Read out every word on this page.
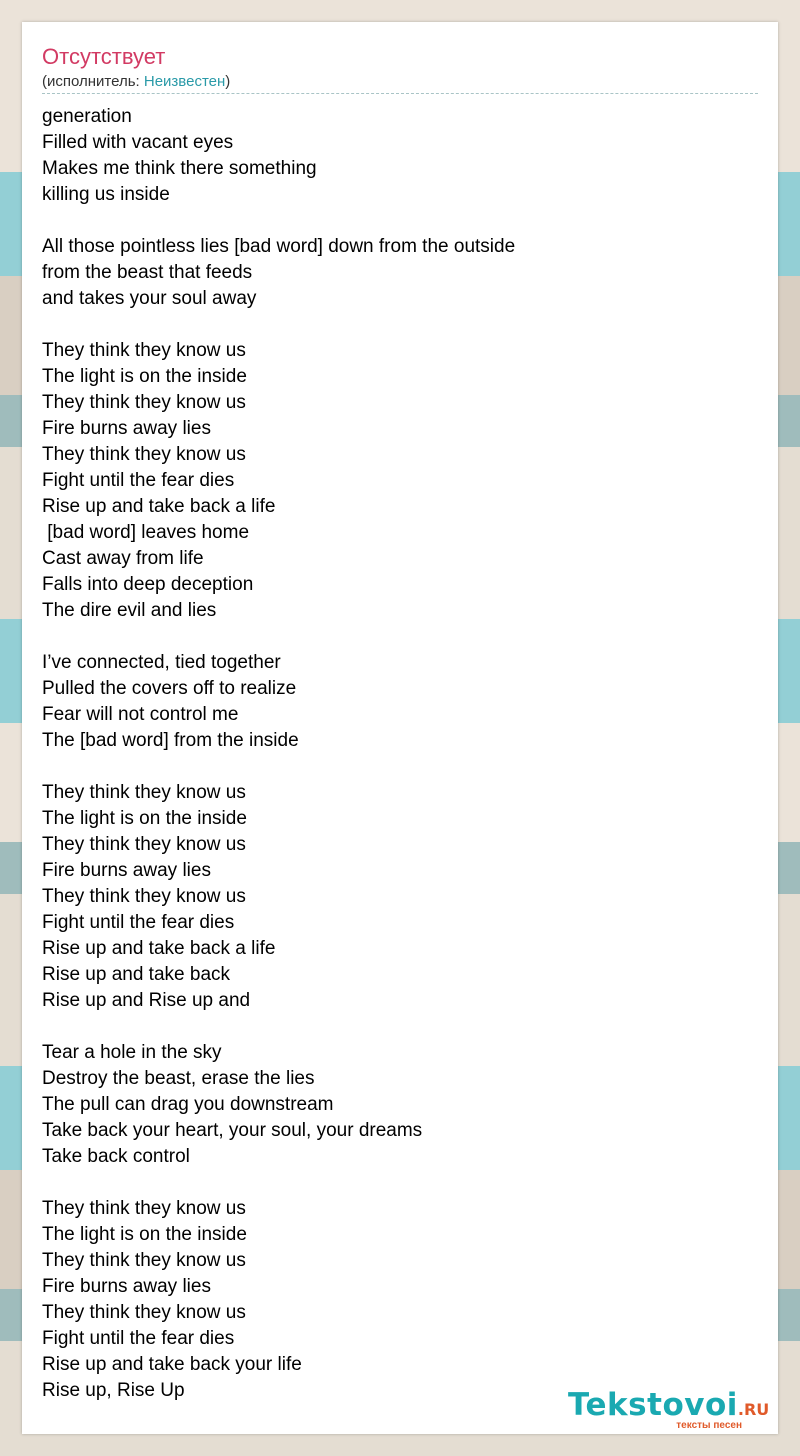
Отсутствует
(исполнитель: Неизвестен)
generation
Filled with vacant eyes
Makes me think there something
killing us inside

All those pointless lies [bad word] down from the outside
from the beast that feeds
and takes your soul away

They think they know us
The light is on the inside
They think they know us
Fire burns away lies
They think they know us
Fight until the fear dies
Rise up and take back a life
[bad word] leaves home
Cast away from life
Falls into deep deception
The dire evil and lies

I’ve connected, tied together
Pulled the covers off to realize
Fear will not control me
The [bad word] from the inside

They think they know us
The light is on the inside
They think they know us
Fire burns away lies
They think they know us
Fight until the fear dies
Rise up and take back a life
Rise up and take back
Rise up and Rise up and

Tear a hole in the sky
Destroy the beast, erase the lies
The pull can drag you downstream
Take back your heart, your soul, your dreams
Take back control

They think they know us
The light is on the inside
They think they know us
Fire burns away lies
They think they know us
Fight until the fear dies
Rise up and take back your life
Rise up, Rise Up	Tekstovoi.RU
тексты песен
